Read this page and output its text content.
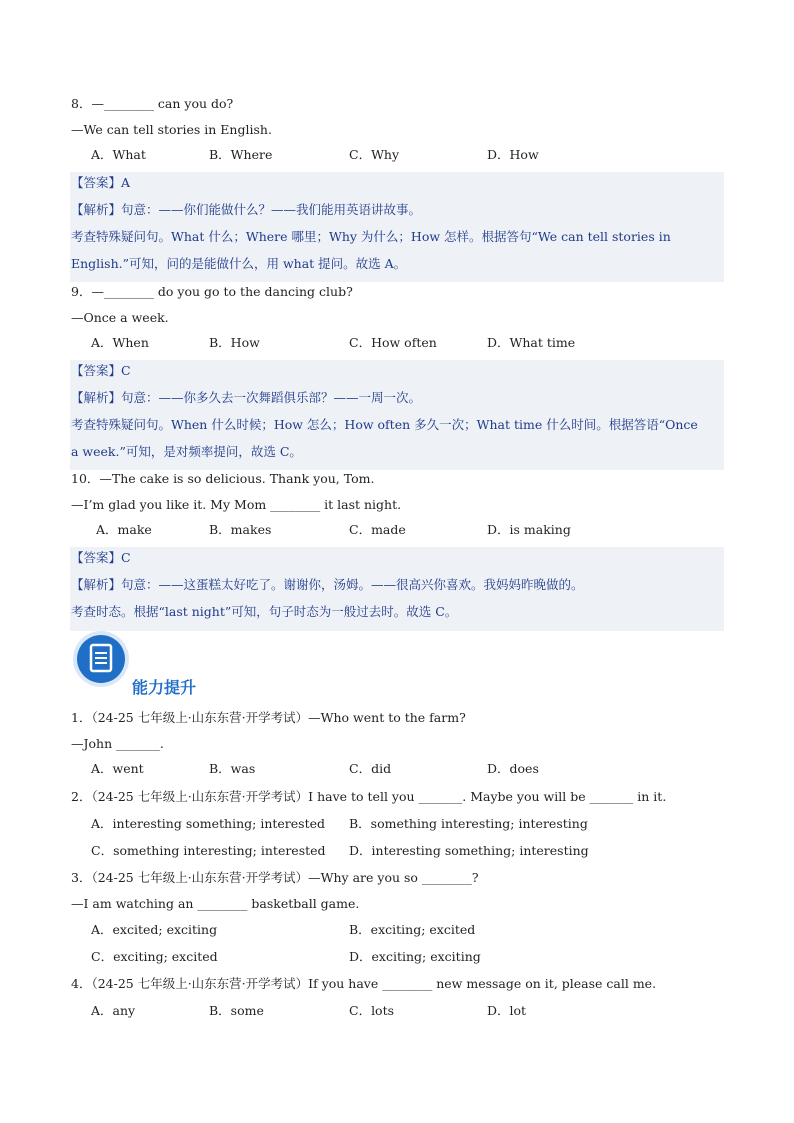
8．—________ can you do?
—We can tell stories in English.
A．What	B．Where	C．Why	D．How
【答案】A
【解析】句意：——你们能做什么？——我们能用英语讲故事。
考查特殊疑问句。What 什么；Where 哪里；Why 为什么；How 怎样。根据答句“We can tell stories in
English.”可知，问的是能做什么，用 what 提问。故选 A。
9．—________ do you go to the dancing club?
—Once a week.
A．When	B．How	C．How often	D．What time
【答案】C
【解析】句意：——你多久去一次舞蹈俱乐部？——一周一次。
考查特殊疑问句。When 什么时候；How 怎么；How often 多久一次；What time 什么时间。根据答语“Once
a week.”可知，是对频率提问，故选 C。
10．—The cake is so delicious. Thank you, Tom.
—I’m glad you like it. My Mom ________ it last night.
A．make	B．makes	C．made	D．is making
【答案】C
【解析】句意：——这蛋糕太好吃了。谢谢你，汤姆。——很高兴你喜欢。我妈妈昨晚做的。
考查时态。根据“last night”可知，句子时态为一般过去时。故选 C。
能力提升
1．（24-25 七年级上·山东东营·开学考试）—Who went to the farm?
—John _______.
A．went	B．was	C．did	D．does
2．（24-25 七年级上·山东东营·开学考试）I have to tell you _______. Maybe you will be _______ in it.
A．interesting something; interested B．something interesting; interesting
C．something interesting; interested D．interesting something; interesting
3．（24-25 七年级上·山东东营·开学考试）—Why are you so ________?
—I am watching an ________ basketball game.
A．excited; exciting	B．exciting; excited
C．exciting; excited	D．exciting; exciting
4．（24-25 七年级上·山东东营·开学考试）If you have ________ new message on it, please call me.
A．any	B．some	C．lots	D．lot
